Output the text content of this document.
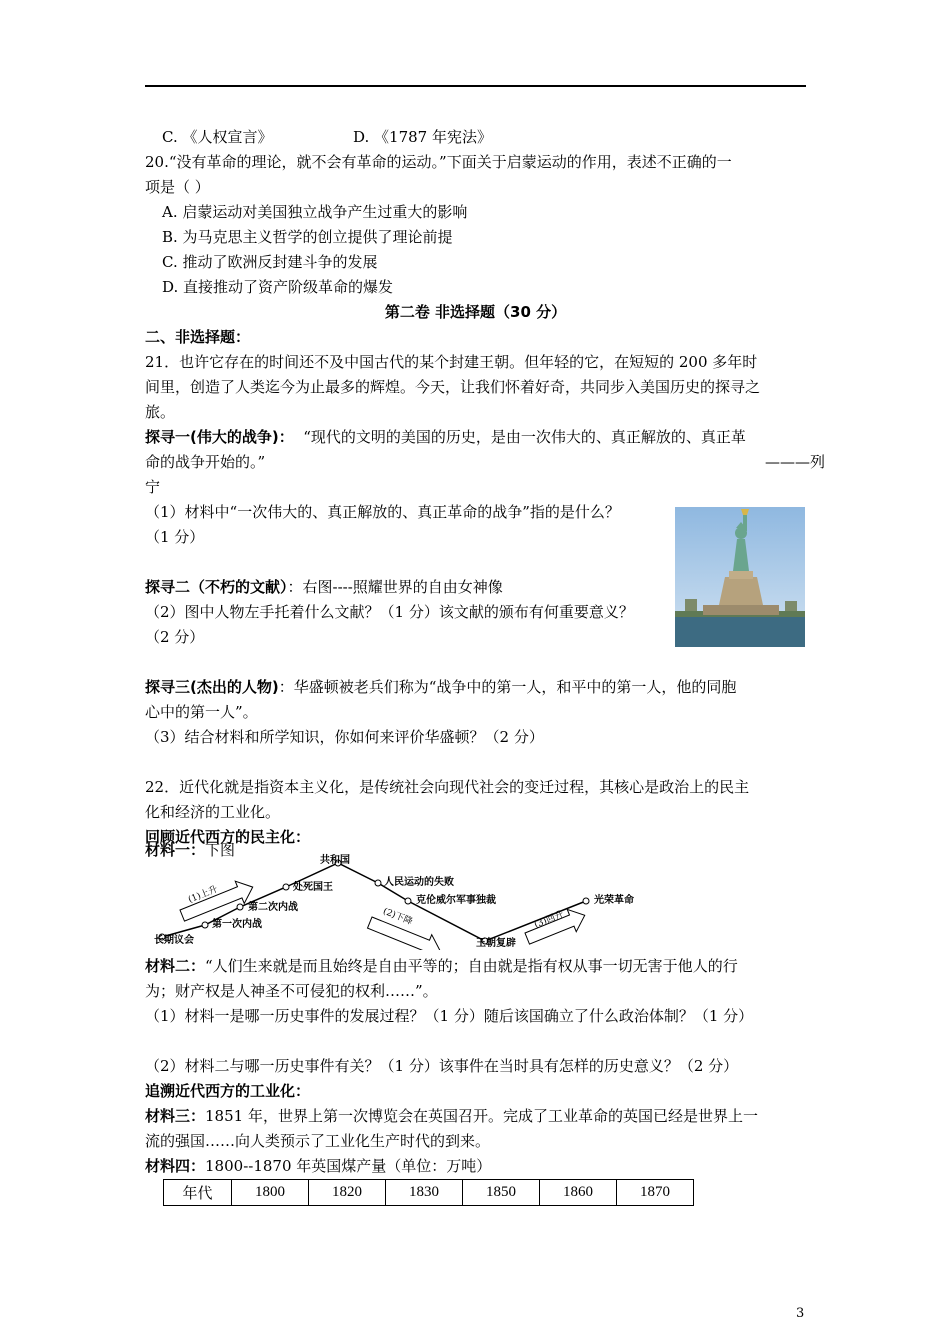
C. 《人权宣言》	D. 《1787 年宪法》
20.“没有革命的理论，就不会有革命的运动。”下面关于启蒙运动的作用，表述不正确的一
项是（ ）
A. 启蒙运动对美国独立战争产生过重大的影响
B. 为马克思主义哲学的创立提供了理论前提
C. 推动了欧洲反封建斗争的发展
D. 直接推动了资产阶级革命的爆发
第二卷 非选择题（30 分）
二、非选择题：
21．也许它存在的时间还不及中国古代的某个封建王朝。但年轻的它，在短短的 200 多年时
间里，创造了人类迄今为止最多的辉煌。今天，让我们怀着好奇，共同步入美国历史的探寻之
旅。
探寻一(伟大的战争)： “现代的文明的美国的历史，是由一次伟大的、真正解放的、真正革
命的战争开始的。”	———列
宁
（1）材料中“一次伟大的、真正解放的、真正革命的战争”指的是什么？
（1 分）
探寻二（不朽的文献）：右图----照耀世界的自由女神像
（2）图中人物左手托着什么文献？（1 分）该文献的颁布有何重要意义？
（2 分）
探寻三(杰出的人物)：华盛顿被老兵们称为“战争中的第一人，和平中的第一人，他的同胞
心中的第一人”。
（3）结合材料和所学知识，你如何来评价华盛顿？（2 分）
22．近代化就是指资本主义化，是传统社会向现代社会的变迁过程，其核心是政治上的民主
化和经济的工业化。
回顾近代西方的民主化：
材料一：下图
长期议会
第一次内战
第二次内战
处死国王
共和国
人民运动的失败
克伦威尔军事独裁
王朝复辟
光荣革命
(1)上升
(2)下降	(3)回升
材料二：“人们生来就是而且始终是自由平等的；自由就是指有权从事一切无害于他人的行
为；财产权是人神圣不可侵犯的权利……”。
（1）材料一是哪一历史事件的发展过程？（1 分）随后该国确立了什么政治体制？（1 分）
（2）材料二与哪一历史事件有关？（1 分）该事件在当时具有怎样的历史意义？（2 分）
追溯近代西方的工业化：
材料三：1851 年，世界上第一次博览会在英国召开。完成了工业革命的英国已经是世界上一
流的强国……向人类预示了工业化生产时代的到来。
材料四：1800--1870 年英国煤产量（单位：万吨）
年代	1800	1820	1830	1850	1860	1870
3
